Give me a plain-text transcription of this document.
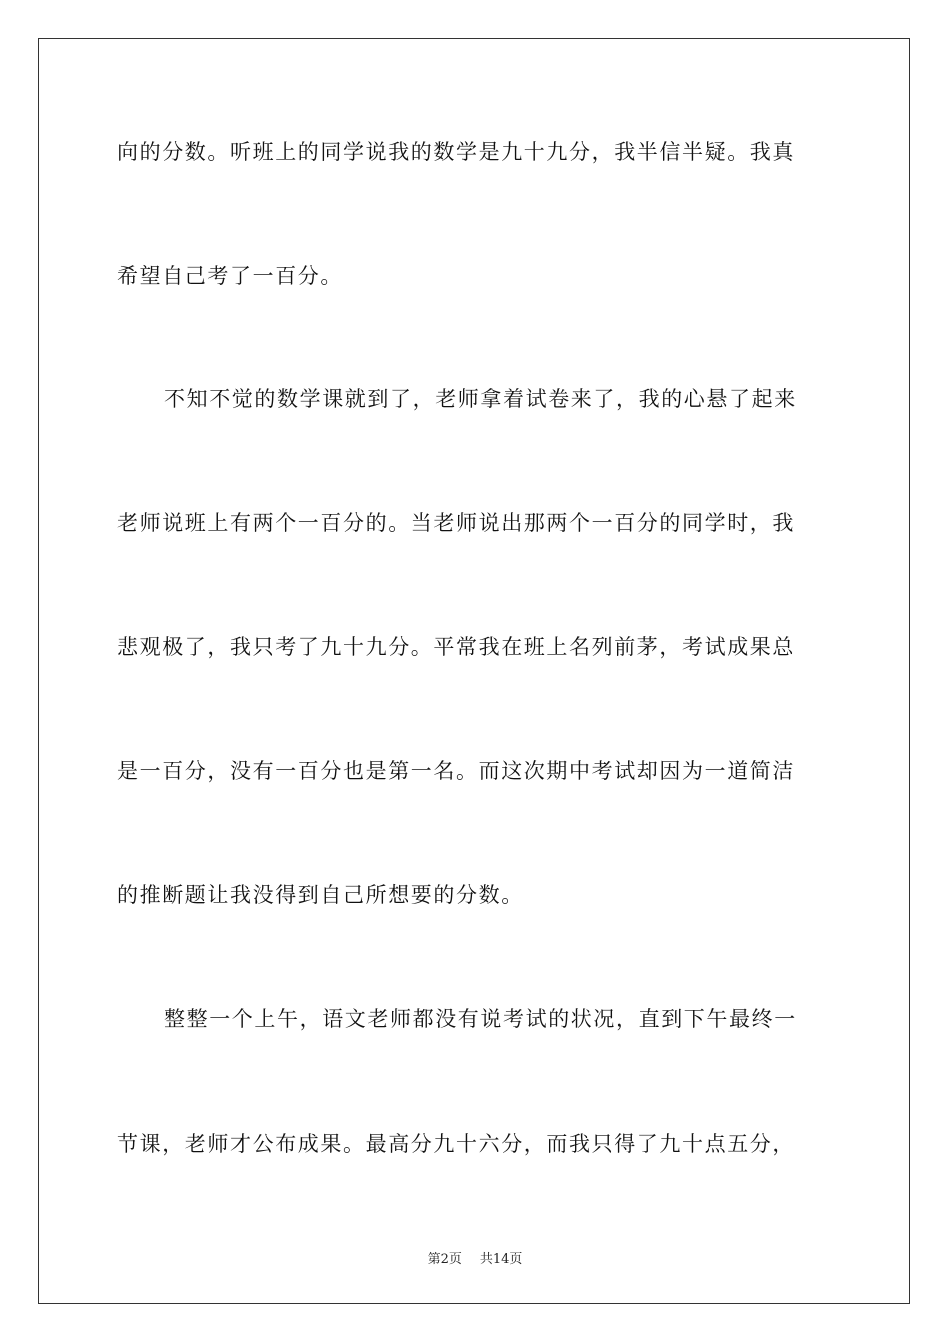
向的分数。听班上的同学说我的数学是九十九分，我半信半疑。我真
希望自己考了一百分。
不知不觉的数学课就到了，老师拿着试卷来了，我的心悬了起来
老师说班上有两个一百分的。当老师说出那两个一百分的同学时，我
悲观极了，我只考了九十九分。平常我在班上名列前茅，考试成果总
是一百分，没有一百分也是第一名。而这次期中考试却因为一道简洁
的推断题让我没得到自己所想要的分数。
整整一个上午，语文老师都没有说考试的状况，直到下午最终一
节课，老师才公布成果。最高分九十六分，而我只得了九十点五分，
第2页 共14页
